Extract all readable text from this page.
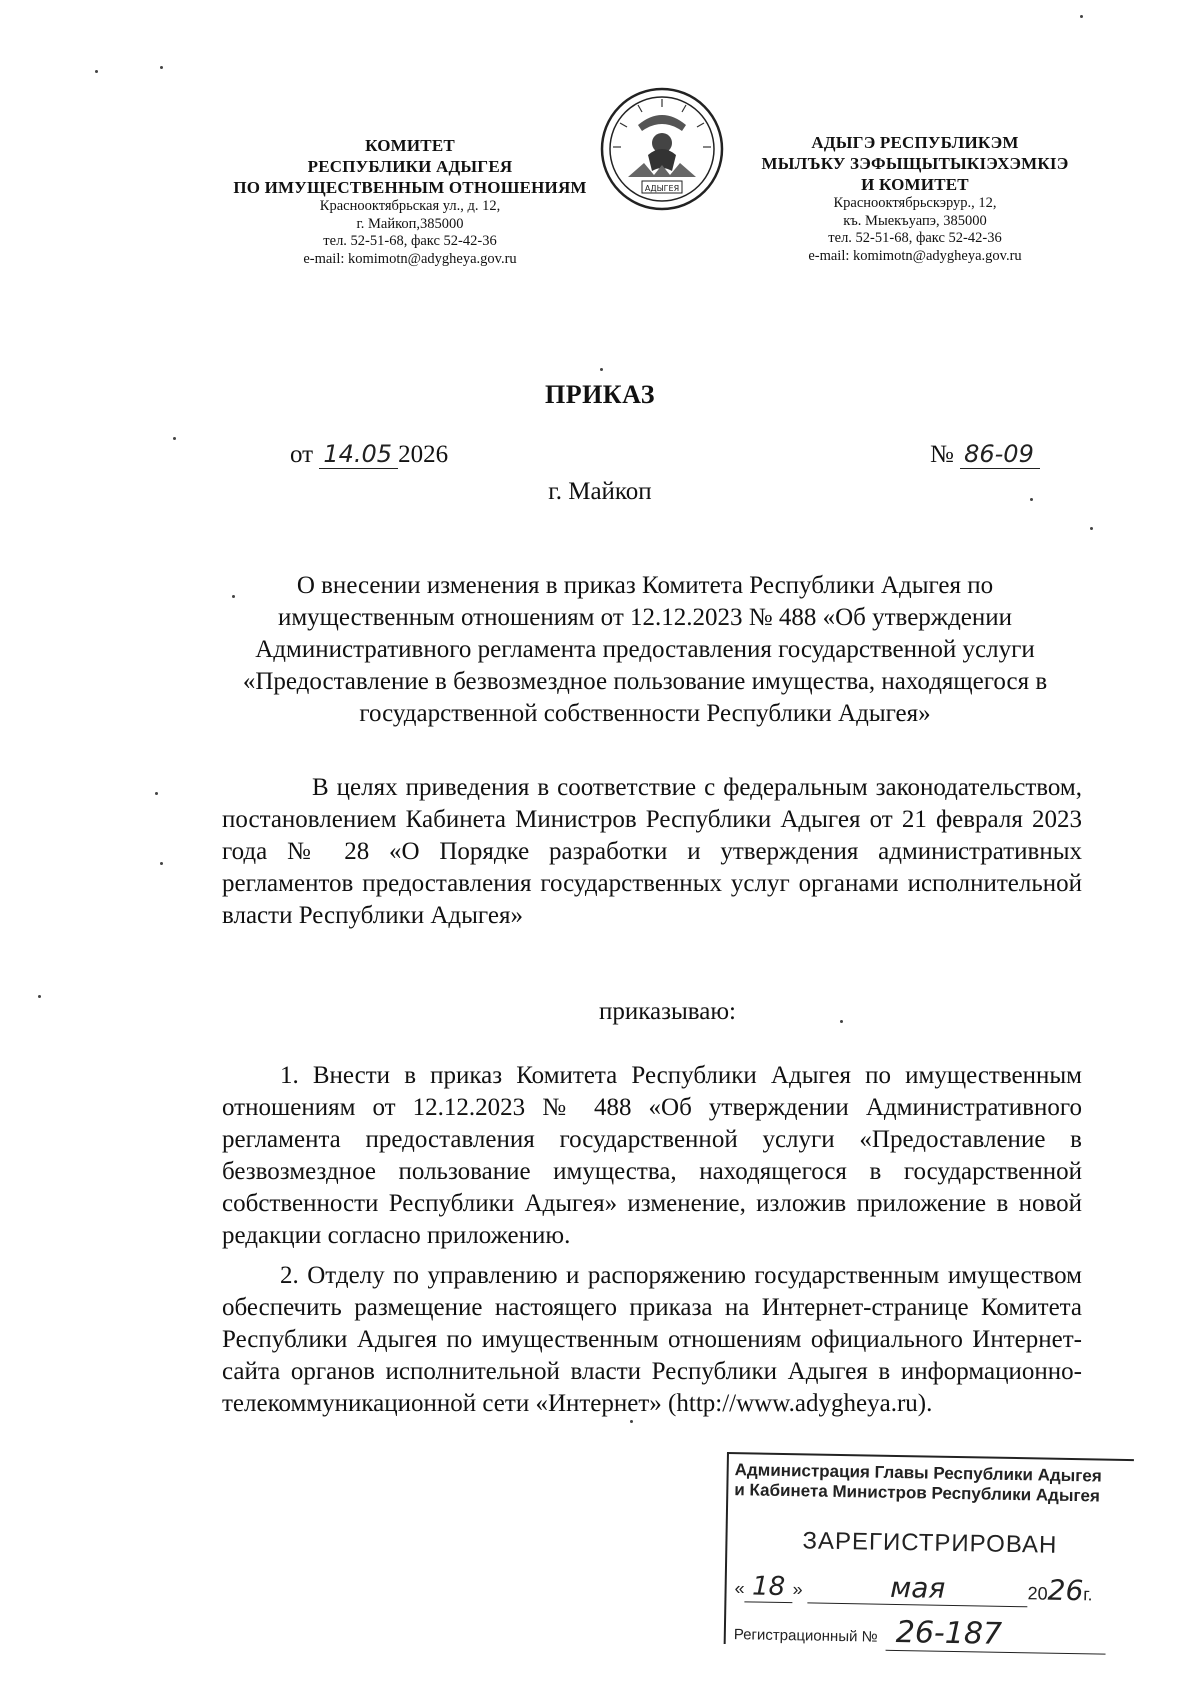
КОМИТЕТ
РЕСПУБЛИКИ АДЫГЕЯ
ПО ИМУЩЕСТВЕННЫМ ОТНОШЕНИЯМ
Краснооктябрьская ул., д. 12,
г. Майкоп,385000
тел. 52-51-68, факс 52-42-36
e-mail: komimotn@adygheya.gov.ru
АДЫГЕЯ
АДЫГЭ РЕСПУБЛИКЭМ
МЫЛЪКУ ЗЭФЫЩЫТЫКІЭХЭМКІЭ
И КОМИТЕТ
Краснооктябрьскэрур., 12,
къ. Мыекъуапэ, 385000
тел. 52-51-68, факс 52-42-36
e-mail: komimotn@adygheya.gov.ru
ПРИКАЗ
от 14.05 2026	№ 86-09
г. Майкоп
О внесении изменения в приказ Комитета Республики Адыгея по имущественным отношениям от 12.12.2023 № 488 «Об утверждении Административного регламента предоставления государственной услуги «Предоставление в безвозмездное пользование имущества, находящегося в государственной собственности Республики Адыгея»
В целях приведения в соответствие с федеральным законодательством, постановлением Кабинета Министров Республики Адыгея от 21 февраля 2023 года № 28 «О Порядке разработки и утверждения административных регламентов предоставления государственных услуг органами исполнительной власти Республики Адыгея»
приказываю:
1. Внести в приказ Комитета Республики Адыгея по имущественным отношениям от 12.12.2023 № 488 «Об утверждении Административного регламента предоставления государственной услуги «Предоставление в безвозмездное пользование имущества, находящегося в государственной собственности Республики Адыгея» изменение, изложив приложение в новой редакции согласно приложению.
2. Отделу по управлению и распоряжению государственным имуществом обеспечить размещение настоящего приказа на Интернет-странице Комитета Республики Адыгея по имущественным отношениям официального Интернет-сайта органов исполнительной власти Республики Адыгея в информационно-телекоммуникационной сети «Интернет» (http://www.adygheya.ru).
Администрация Главы Республики Адыгея
и Кабинета Министров Республики Адыгея
ЗАРЕГИСТРИРОВАН
« 18 »	мая	2026г.
Регистрационный № 26-187
